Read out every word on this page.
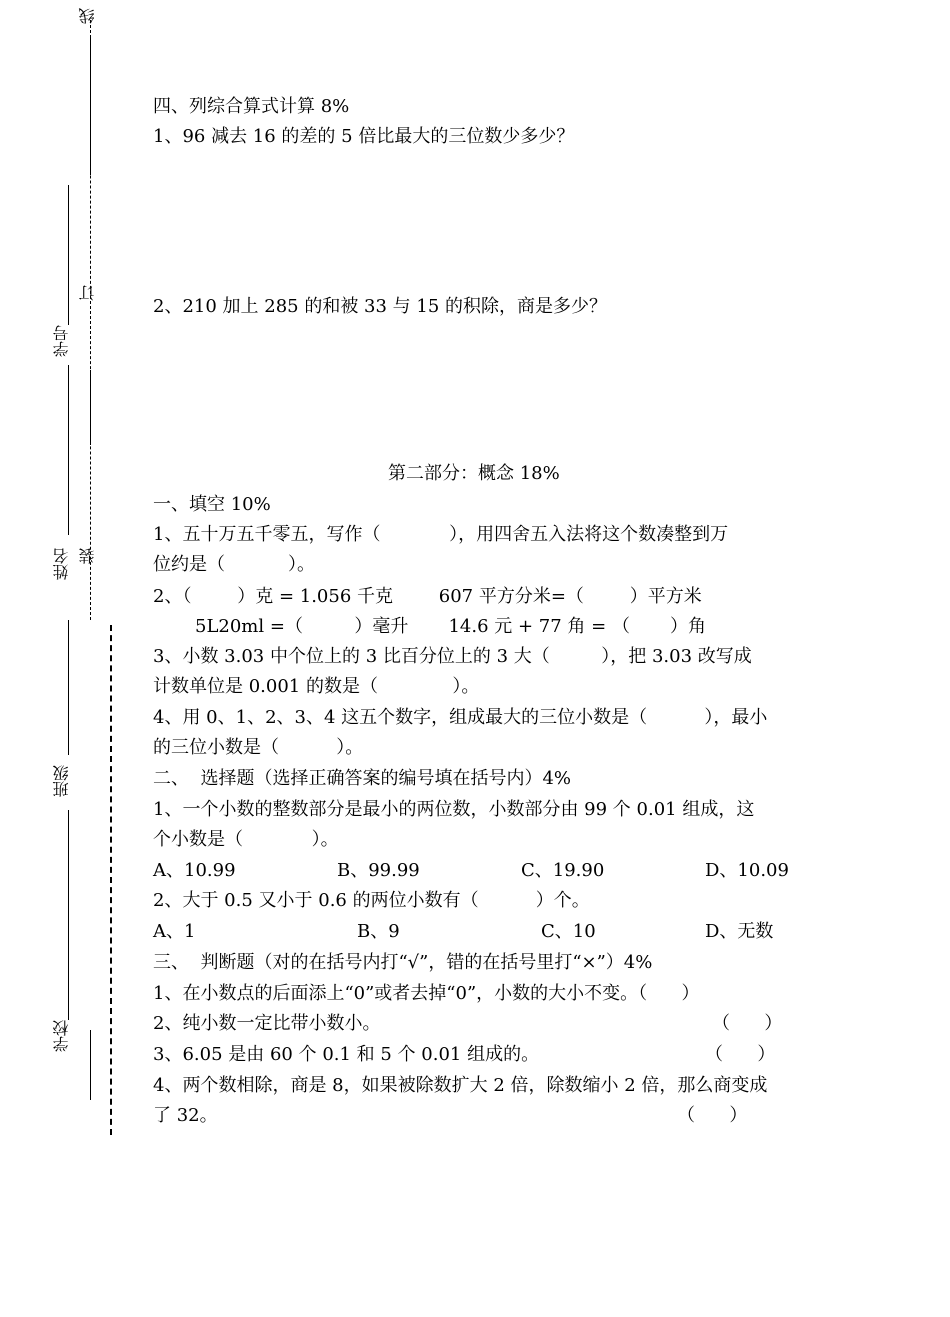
线
订
学号
姓名 装
班级
学校
四、列综合算式计算 8%
1、96 减去 16 的差的 5 倍比最大的三位数少多少？
2、210 加上 285 的和被 33 与 15 的积除，商是多少？
第二部分：概念 18%
一、填空 10%
1、五十万五千零五，写作（            ），用四舍五入法将这个数凑整到万
位约是（           ）。
2、（        ）克 = 1.056 千克        607 平方分米=（        ）平方米
5L20ml =（         ）毫升       14.6 元 + 77 角 = （       ）角
3、小数 3.03 中个位上的 3 比百分位上的 3 大（         ），把 3.03 改写成
计数单位是 0.001 的数是（             ）。
4、用 0、1、2、3、4 这五个数字，组成最大的三位小数是（          ），最小
的三位小数是（          ）。
二、  选择题（选择正确答案的编号填在括号内）4%
1、一个小数的整数部分是最小的两位数，小数部分由 99 个 0.01 组成，这
个小数是（            ）。
A、10.99	B、99.99	C、19.90	D、10.09
2、大于 0.5 又小于 0.6 的两位小数有（          ）个。
A、1	B、9	C、10	D、无数
三、  判断题（对的在括号内打“√”，错的在括号里打“×”）4%
1、在小数点的后面添上“0”或者去掉“0”，小数的大小不变。（      ）
2、纯小数一定比带小数小。	（      ）
3、6.05 是由 60 个 0.1 和 5 个 0.01 组成的。	（      ）
4、两个数相除，商是 8，如果被除数扩大 2 倍，除数缩小 2 倍，那么商变成
了 32。	（      ）
